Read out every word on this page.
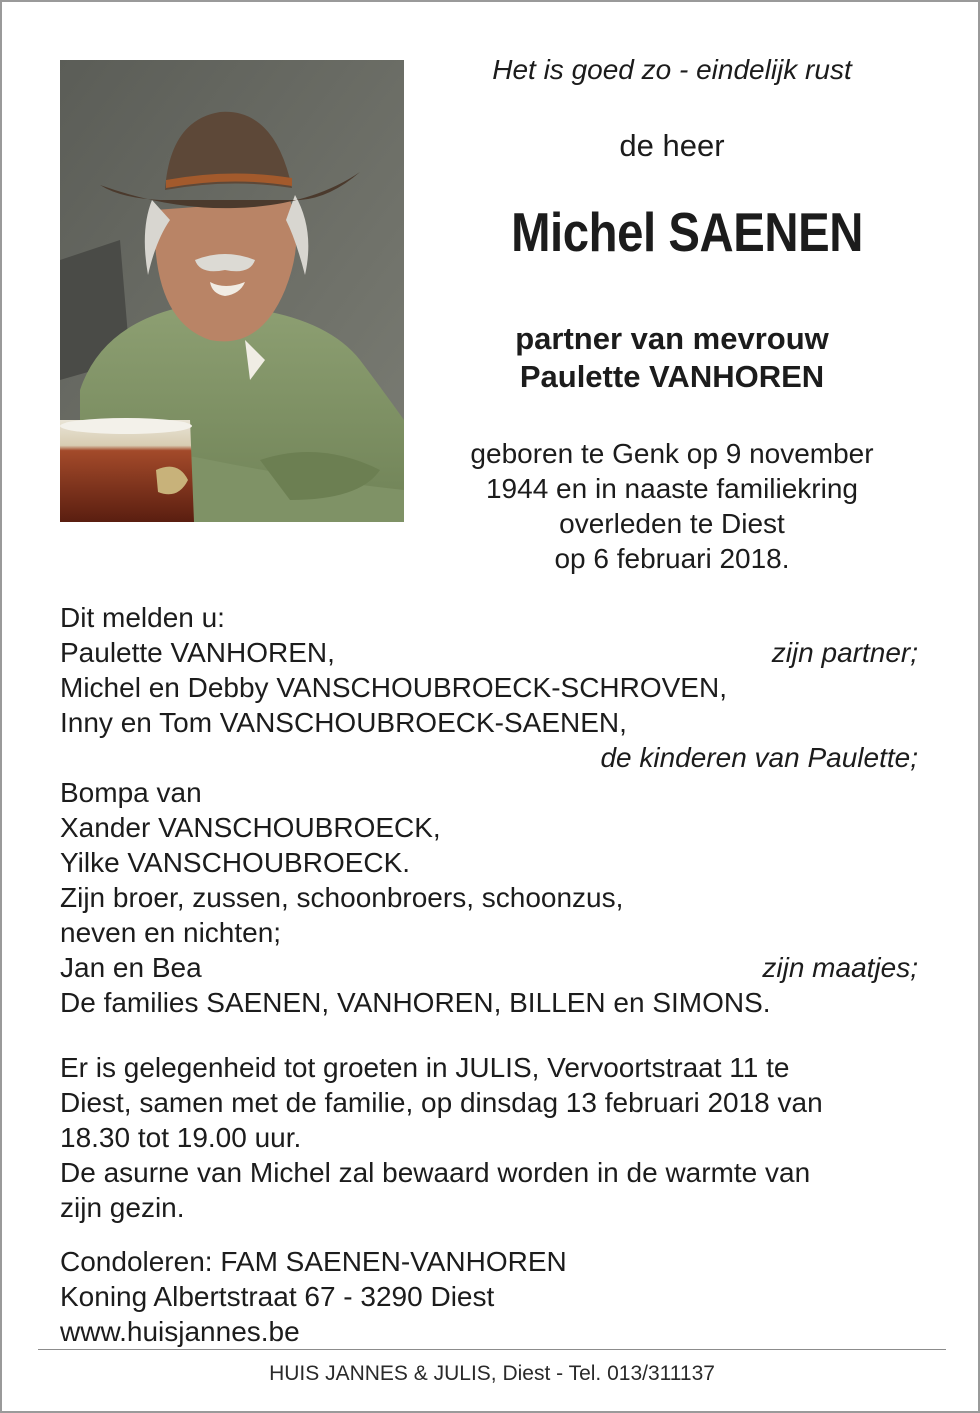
Het is goed zo - eindelijk rust
de heer
Michel SAENEN
partner van mevrouw
Paulette VANHOREN
geboren te Genk op 9 november
1944 en in naaste familiekring
overleden te Diest
op 6 februari 2018.
Dit melden u:
Paulette VANHOREN,	zijn partner;
Michel en Debby VANSCHOUBROECK-SCHROVEN,
Inny en Tom VANSCHOUBROECK-SAENEN,
de kinderen van Paulette;
Bompa van
Xander VANSCHOUBROECK,
Yilke VANSCHOUBROECK.
Zijn broer, zussen, schoonbroers, schoonzus,
neven en nichten;
Jan en Bea	zijn maatjes;
De families SAENEN, VANHOREN, BILLEN en SIMONS.
Er is gelegenheid tot groeten in JULIS, Vervoortstraat 11 te
Diest, samen met de familie, op dinsdag 13 februari 2018 van
18.30 tot 19.00 uur.
De asurne van Michel zal bewaard worden in de warmte van
zijn gezin.
Condoleren: FAM SAENEN-VANHOREN
Koning Albertstraat 67 - 3290 Diest
www.huisjannes.be
HUIS JANNES & JULIS, Diest - Tel. 013/311137
